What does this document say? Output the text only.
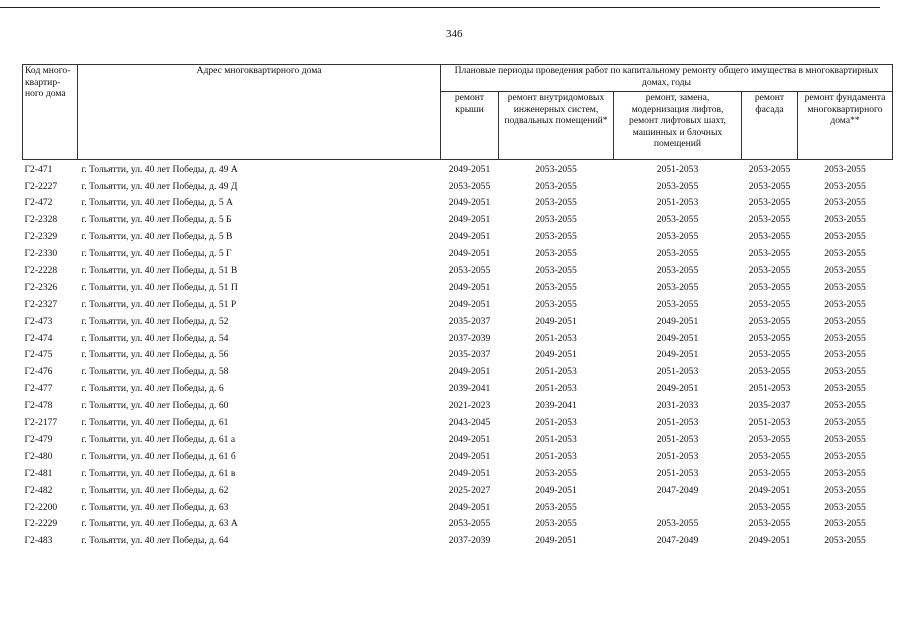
346
Код много-квартир-ного дома	Адрес многоквартирного дома	Плановые периоды проведения работ по капитальному ремонту общего имущества в многоквартирных домах, годы				
		ремонт крыши	ремонт внутридомовых инженерных систем, подвальных помещений*	ремонт, замена, модернизация лифтов, ремонт лифтовых шахт, машинных и блочных помещений	ремонт фасада	ремонт фундамента многоквартирного дома**
Г2-471	г. Тольятти, ул. 40 лет Победы, д. 49 А	2049-2051	2053-2055	2051-2053	2053-2055	2053-2055
Г2-2227	г. Тольятти, ул. 40 лет Победы, д. 49 Д	2053-2055	2053-2055	2053-2055	2053-2055	2053-2055
Г2-472	г. Тольятти, ул. 40 лет Победы, д. 5 А	2049-2051	2053-2055	2051-2053	2053-2055	2053-2055
Г2-2328	г. Тольятти, ул. 40 лет Победы, д. 5 Б	2049-2051	2053-2055	2053-2055	2053-2055	2053-2055
Г2-2329	г. Тольятти, ул. 40 лет Победы, д. 5 В	2049-2051	2053-2055	2053-2055	2053-2055	2053-2055
Г2-2330	г. Тольятти, ул. 40 лет Победы, д. 5 Г	2049-2051	2053-2055	2053-2055	2053-2055	2053-2055
Г2-2228	г. Тольятти, ул. 40 лет Победы, д. 51 В	2053-2055	2053-2055	2053-2055	2053-2055	2053-2055
Г2-2326	г. Тольятти, ул. 40 лет Победы, д. 51 П	2049-2051	2053-2055	2053-2055	2053-2055	2053-2055
Г2-2327	г. Тольятти, ул. 40 лет Победы, д. 51 Р	2049-2051	2053-2055	2053-2055	2053-2055	2053-2055
Г2-473	г. Тольятти, ул. 40 лет Победы, д. 52	2035-2037	2049-2051	2049-2051	2053-2055	2053-2055
Г2-474	г. Тольятти, ул. 40 лет Победы, д. 54	2037-2039	2051-2053	2049-2051	2053-2055	2053-2055
Г2-475	г. Тольятти, ул. 40 лет Победы, д. 56	2035-2037	2049-2051	2049-2051	2053-2055	2053-2055
Г2-476	г. Тольятти, ул. 40 лет Победы, д. 58	2049-2051	2051-2053	2051-2053	2053-2055	2053-2055
Г2-477	г. Тольятти, ул. 40 лет Победы, д. 6	2039-2041	2051-2053	2049-2051	2051-2053	2053-2055
Г2-478	г. Тольятти, ул. 40 лет Победы, д. 60	2021-2023	2039-2041	2031-2033	2035-2037	2053-2055
Г2-2177	г. Тольятти, ул. 40 лет Победы, д. 61	2043-2045	2051-2053	2051-2053	2051-2053	2053-2055
Г2-479	г. Тольятти, ул. 40 лет Победы, д. 61 а	2049-2051	2051-2053	2051-2053	2053-2055	2053-2055
Г2-480	г. Тольятти, ул. 40 лет Победы, д. 61 б	2049-2051	2051-2053	2051-2053	2053-2055	2053-2055
Г2-481	г. Тольятти, ул. 40 лет Победы, д. 61 в	2049-2051	2053-2055	2051-2053	2053-2055	2053-2055
Г2-482	г. Тольятти, ул. 40 лет Победы, д. 62	2025-2027	2049-2051	2047-2049	2049-2051	2053-2055
Г2-2200	г. Тольятти, ул. 40 лет Победы, д. 63	2049-2051	2053-2055		2053-2055	2053-2055
Г2-2229	г. Тольятти, ул. 40 лет Победы, д. 63 А	2053-2055	2053-2055	2053-2055	2053-2055	2053-2055
Г2-483	г. Тольятти, ул. 40 лет Победы, д. 64	2037-2039	2049-2051	2047-2049	2049-2051	2053-2055
